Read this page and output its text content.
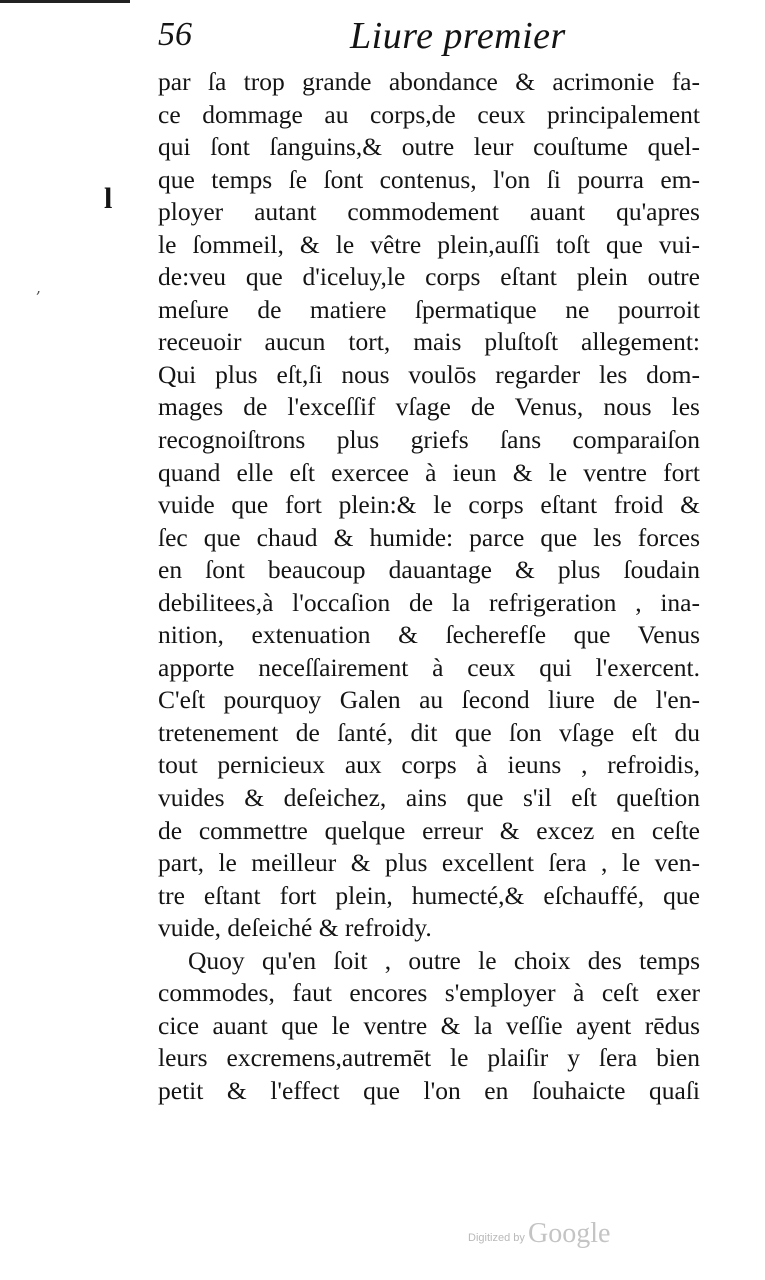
56	Liure premier
l
,
par ſa trop grande abondance & acrimonie fa-
ce dommage au corps,de ceux principalement
qui ſont ſanguins,& outre leur couſtume quel-
que temps ſe ſont contenus, l'on ſi pourra em-
ployer autant commodement auant qu'apres
le ſommeil, & le vêtre plein,auſſi toſt que vui-
de:veu que d'iceluy,le corps eſtant plein outre
meſure de matiere ſpermatique ne pourroit
receuoir aucun tort, mais pluſtoſt allegement:
Qui plus eſt,ſi nous voulōs regarder les dom-
mages de l'exceſſif vſage de Venus, nous les
recognoiſtrons plus griefs ſans comparaiſon
quand elle eſt exercee à ieun & le ventre fort
vuide que fort plein:& le corps eſtant froid &
ſec que chaud & humide: parce que les forces
en ſont beaucoup dauantage & plus ſoudain
debilitees,à l'occaſion de la refrigeration , ina-
nition, extenuation & ſecherefſe que Venus
apporte neceſſairement à ceux qui l'exercent.
C'eſt pourquoy Galen au ſecond liure de l'en-
tretenement de ſanté, dit que ſon vſage eſt du
tout pernicieux aux corps à ieuns , refroidis,
vuides & deſeichez, ains que s'il eſt queſtion
de commettre quelque erreur & excez en ceſte
part, le meilleur & plus excellent ſera , le ven-
tre eſtant fort plein, humecté,& eſchauffé, que
vuide, deſeiché & refroidy.
Quoy qu'en ſoit , outre le choix des temps
commodes, faut encores s'employer à ceſt exer
cice auant que le ventre & la veſſie ayent rēdus
leurs excremens,autremēt le plaiſir y ſera bien
petit & l'effect que l'on en ſouhaicte quaſi
Digitized by Google
